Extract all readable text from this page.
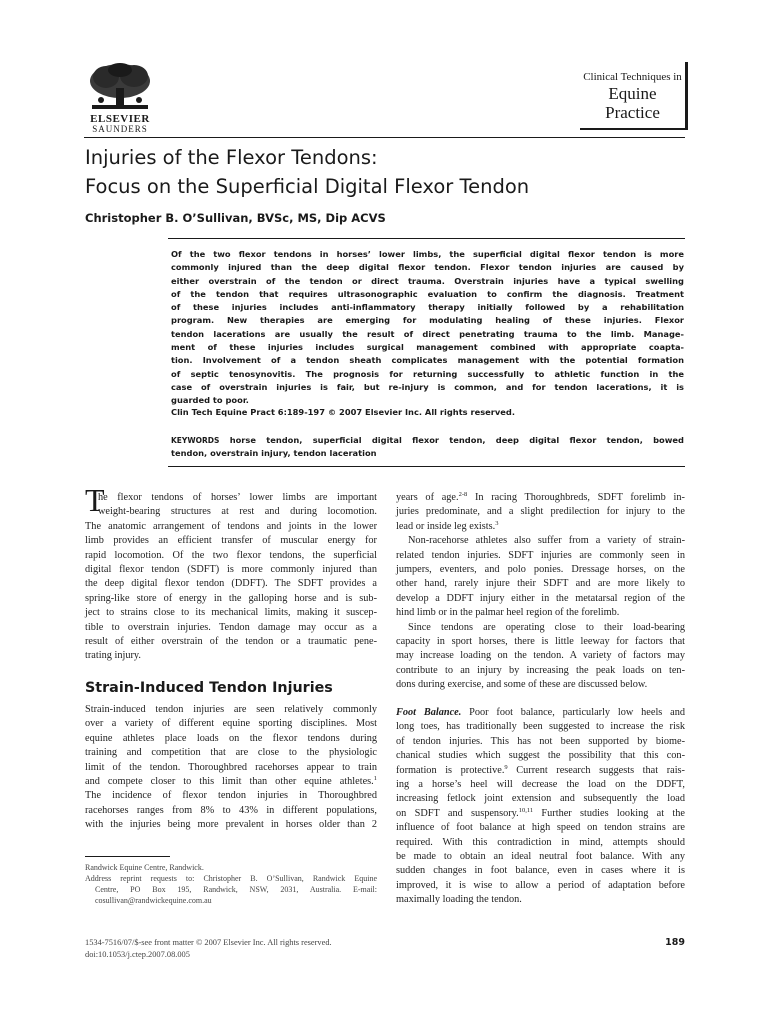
ELSEVIER
SAUNDERS
Clinical Techniques in
Equine
Practice
Injuries of the Flexor Tendons:
Focus on the Superficial Digital Flexor Tendon
Christopher B. O’Sullivan, BVSc, MS, Dip ACVS
Of the two flexor tendons in horses’ lower limbs, the superficial digital flexor tendon is more
commonly injured than the deep digital flexor tendon. Flexor tendon injuries are caused by
either overstrain of the tendon or direct trauma. Overstrain injuries have a typical swelling
of the tendon that requires ultrasonographic evaluation to confirm the diagnosis. Treatment
of these injuries includes anti-inflammatory therapy initially followed by a rehabilitation
program. New therapies are emerging for modulating healing of these injuries. Flexor
tendon lacerations are usually the result of direct penetrating trauma to the limb. Manage-
ment of these injuries includes surgical management combined with appropriate coapta-
tion. Involvement of a tendon sheath complicates management with the potential formation
of septic tenosynovitis. The prognosis for returning successfully to athletic function in the
case of overstrain injuries is fair, but re-injury is common, and for tendon lacerations, it is
guarded to poor.
Clin Tech Equine Pract 6:189-197 © 2007 Elsevier Inc. All rights reserved.
KEYWORDS horse tendon, superficial digital flexor tendon, deep digital flexor tendon, bowed
tendon, overstrain injury, tendon laceration
T
he flexor tendons of horses’ lower limbs are important
weight-bearing structures at rest and during locomotion.
The anatomic arrangement of tendons and joints in the lower
limb provides an efficient transfer of muscular energy for
rapid locomotion. Of the two flexor tendons, the superficial
digital flexor tendon (SDFT) is more commonly injured than
the deep digital flexor tendon (DDFT). The SDFT provides a
spring-like store of energy in the galloping horse and is sub-
ject to strains close to its mechanical limits, making it suscep-
tible to overstrain injuries. Tendon damage may occur as a
result of either overstrain of the tendon or a traumatic pene-
trating injury.
Strain-Induced Tendon Injuries
Strain-induced tendon injuries are seen relatively commonly
over a variety of different equine sporting disciplines. Most
equine athletes place loads on the flexor tendons during
training and competition that are close to the physiologic
limit of the tendon. Thoroughbred racehorses appear to train
and compete closer to this limit than other equine athletes.$^1$
The incidence of flexor tendon injuries in Thoroughbred
racehorses ranges from 8% to 43% in different populations,
with the injuries being more prevalent in horses older than 2
years of age.$^{2-8}$ In racing Thoroughbreds, SDFT forelimb in-
juries predominate, and a slight predilection for injury to the
lead or inside leg exists.$^3$
Non-racehorse athletes also suffer from a variety of strain-
related tendon injuries. SDFT injuries are commonly seen in
jumpers, eventers, and polo ponies. Dressage horses, on the
other hand, rarely injure their SDFT and are more likely to
develop a DDFT injury either in the metatarsal region of the
hind limb or in the palmar heel region of the forelimb.
Since tendons are operating close to their load-bearing
capacity in sport horses, there is little leeway for factors that
may increase loading on the tendon. A variety of factors may
contribute to an injury by increasing the peak loads on ten-
dons during exercise, and some of these are discussed below.
Foot Balance. Poor foot balance, particularly low heels and
long toes, has traditionally been suggested to increase the risk
of tendon injuries. This has not been supported by biome-
chanical studies which suggest the possibility that this con-
formation is protective.$^9$ Current research suggests that rais-
ing a horse’s heel will decrease the load on the DDFT,
increasing fetlock joint extension and subsequently the load
on SDFT and suspensory.$^{10,11}$ Further studies looking at the
influence of foot balance at high speed on tendon strains are
required. With this contradiction in mind, attempts should
be made to obtain an ideal neutral foot balance. With any
sudden changes in foot balance, even in cases where it is
improved, it is wise to allow a period of adaptation before
maximally loading the tendon.
Randwick Equine Centre, Randwick.
Address reprint requests to: Christopher B. O’Sullivan, Randwick Equine
Centre, PO Box 195, Randwick, NSW, 2031, Australia. E-mail:
cosullivan@randwickequine.com.au
1534-7516/07/$-see front matter © 2007 Elsevier Inc. All rights reserved.
doi:10.1053/j.ctep.2007.08.005
189
